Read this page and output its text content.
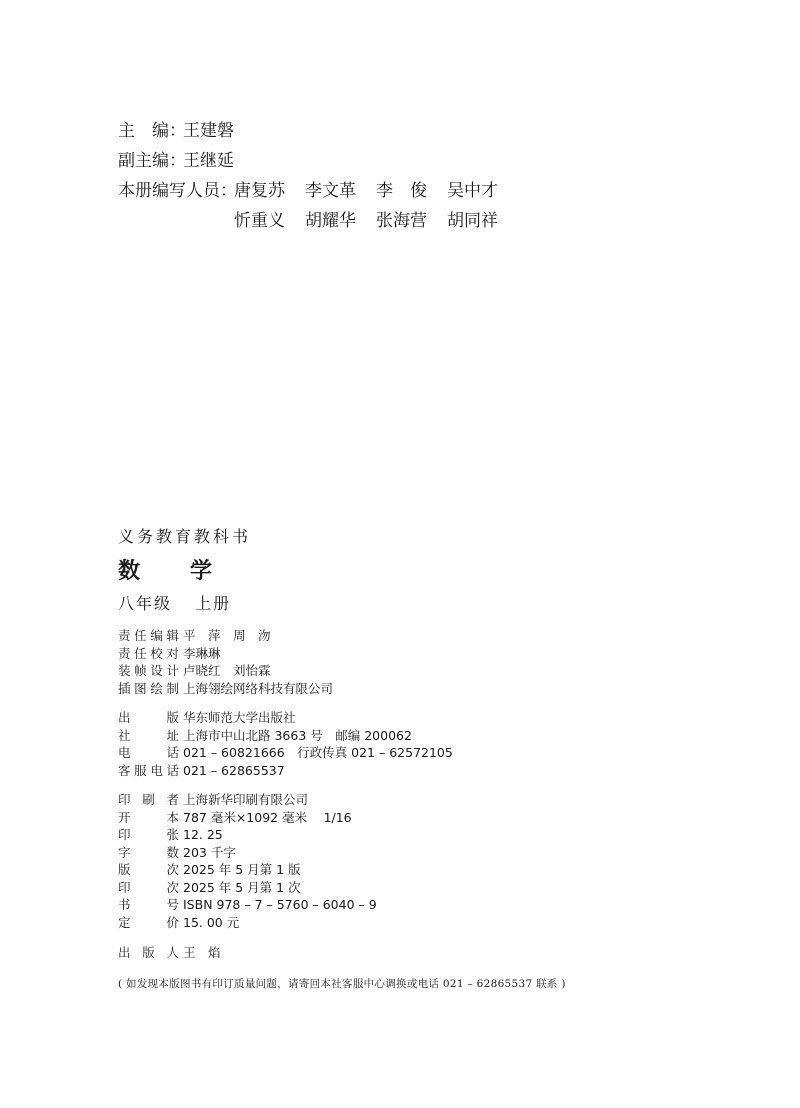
主　编：
王建磐
副主编：
王继延
本册编写人员：
唐复苏 李文革 李　俊 吴中才
忻重义 胡耀华 张海营 胡同祥
义务教育教科书
数　学
八年级 上册
责任编辑 平　萍　周　沕
责任校对 李琳琳
装帧设计 卢晓红　刘怡霖
插图绘制 上海翎绘网络科技有限公司
出版 华东师范大学出版社
社址 上海市中山北路 3663 号　邮编 200062
电话 021 – 60821666　行政传真 021 – 62572105
客服电话 021 – 62865537
印刷者 上海新华印刷有限公司
开本 787 毫米×1092 毫米　 1/16
印张 12. 25
字数 203 千字
版次 2025 年 5 月第 1 版
印次 2025 年 5 月第 1 次
书号 ISBN 978 – 7 – 5760 – 6040 – 9
定价 15. 00 元
出版人 王　焰
( 如发现本版图书有印订质量问题，请寄回本社客服中心调换或电话 021 – 62865537 联系 )
